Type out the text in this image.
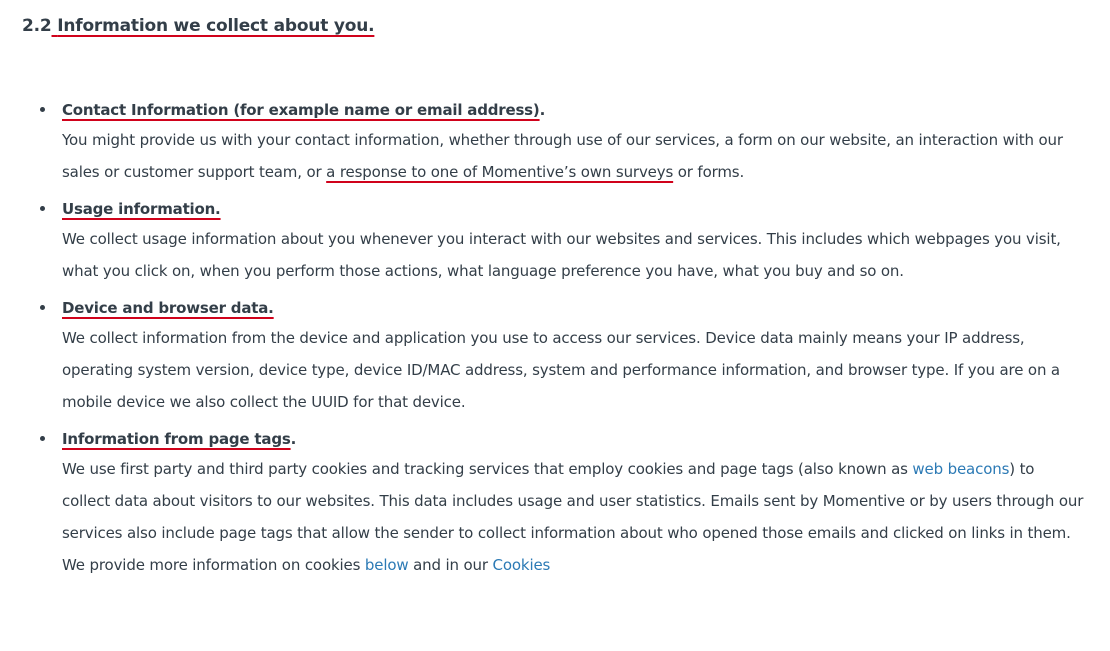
2.2 Information we collect about you.
Contact Information (for example name or email address).
You might provide us with your contact information, whether through use of our services, a form on our website, an interaction with our sales or customer support team, or a response to one of Momentive’s own surveys or forms.
Usage information.
We collect usage information about you whenever you interact with our websites and services. This includes which webpages you visit, what you click on, when you perform those actions, what language preference you have, what you buy and so on.
Device and browser data.
We collect information from the device and application you use to access our services. Device data mainly means your IP address, operating system version, device type, device ID/MAC address, system and performance information, and browser type. If you are on a mobile device we also collect the UUID for that device.
Information from page tags.
We use first party and third party cookies and tracking services that employ cookies and page tags (also known as web beacons) to collect data about visitors to our websites. This data includes usage and user statistics. Emails sent by Momentive or by users through our services also include page tags that allow the sender to collect information about who opened those emails and clicked on links in them. We provide more information on cookies below and in our Cookies
